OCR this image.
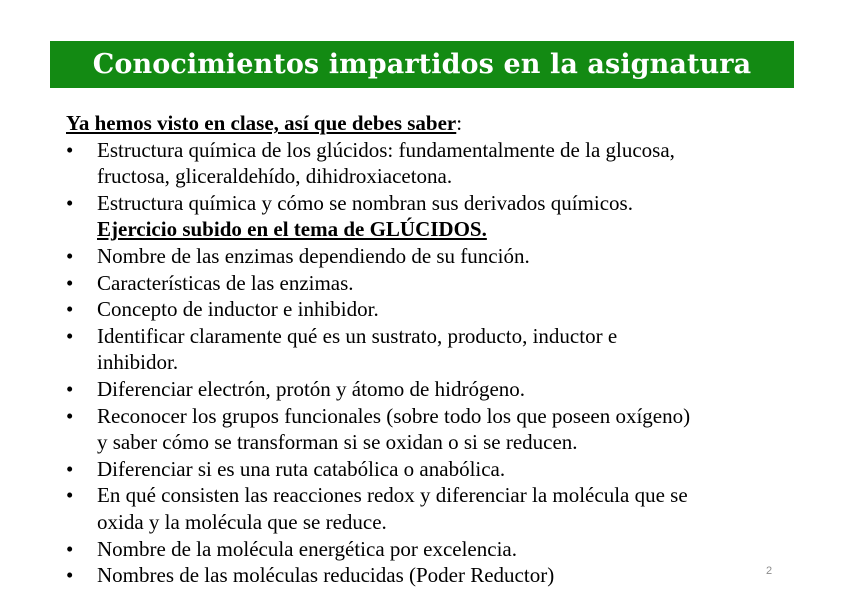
Conocimientos impartidos en la asignatura
Ya hemos visto en clase, así que debes saber:
• Estructura química de los glúcidos: fundamentalmente de la glucosa,
fructosa, gliceraldehído, dihidroxiacetona.
• Estructura química y cómo se nombran sus derivados químicos.
Ejercicio subido en el tema de GLÚCIDOS.
• Nombre de las enzimas dependiendo de su función.
• Características de las enzimas.
• Concepto de inductor e inhibidor.
• Identificar claramente qué es un sustrato, producto, inductor e
inhibidor.
• Diferenciar electrón, protón y átomo de hidrógeno.
• Reconocer los grupos funcionales (sobre todo los que poseen oxígeno)
y saber cómo se transforman si se oxidan o si se reducen.
• Diferenciar si es una ruta catabólica o anabólica.
• En qué consisten las reacciones redox y diferenciar la molécula que se
oxida y la molécula que se reduce.
• Nombre de la molécula energética por excelencia.
• Nombres de las moléculas reducidas (Poder Reductor)	2
